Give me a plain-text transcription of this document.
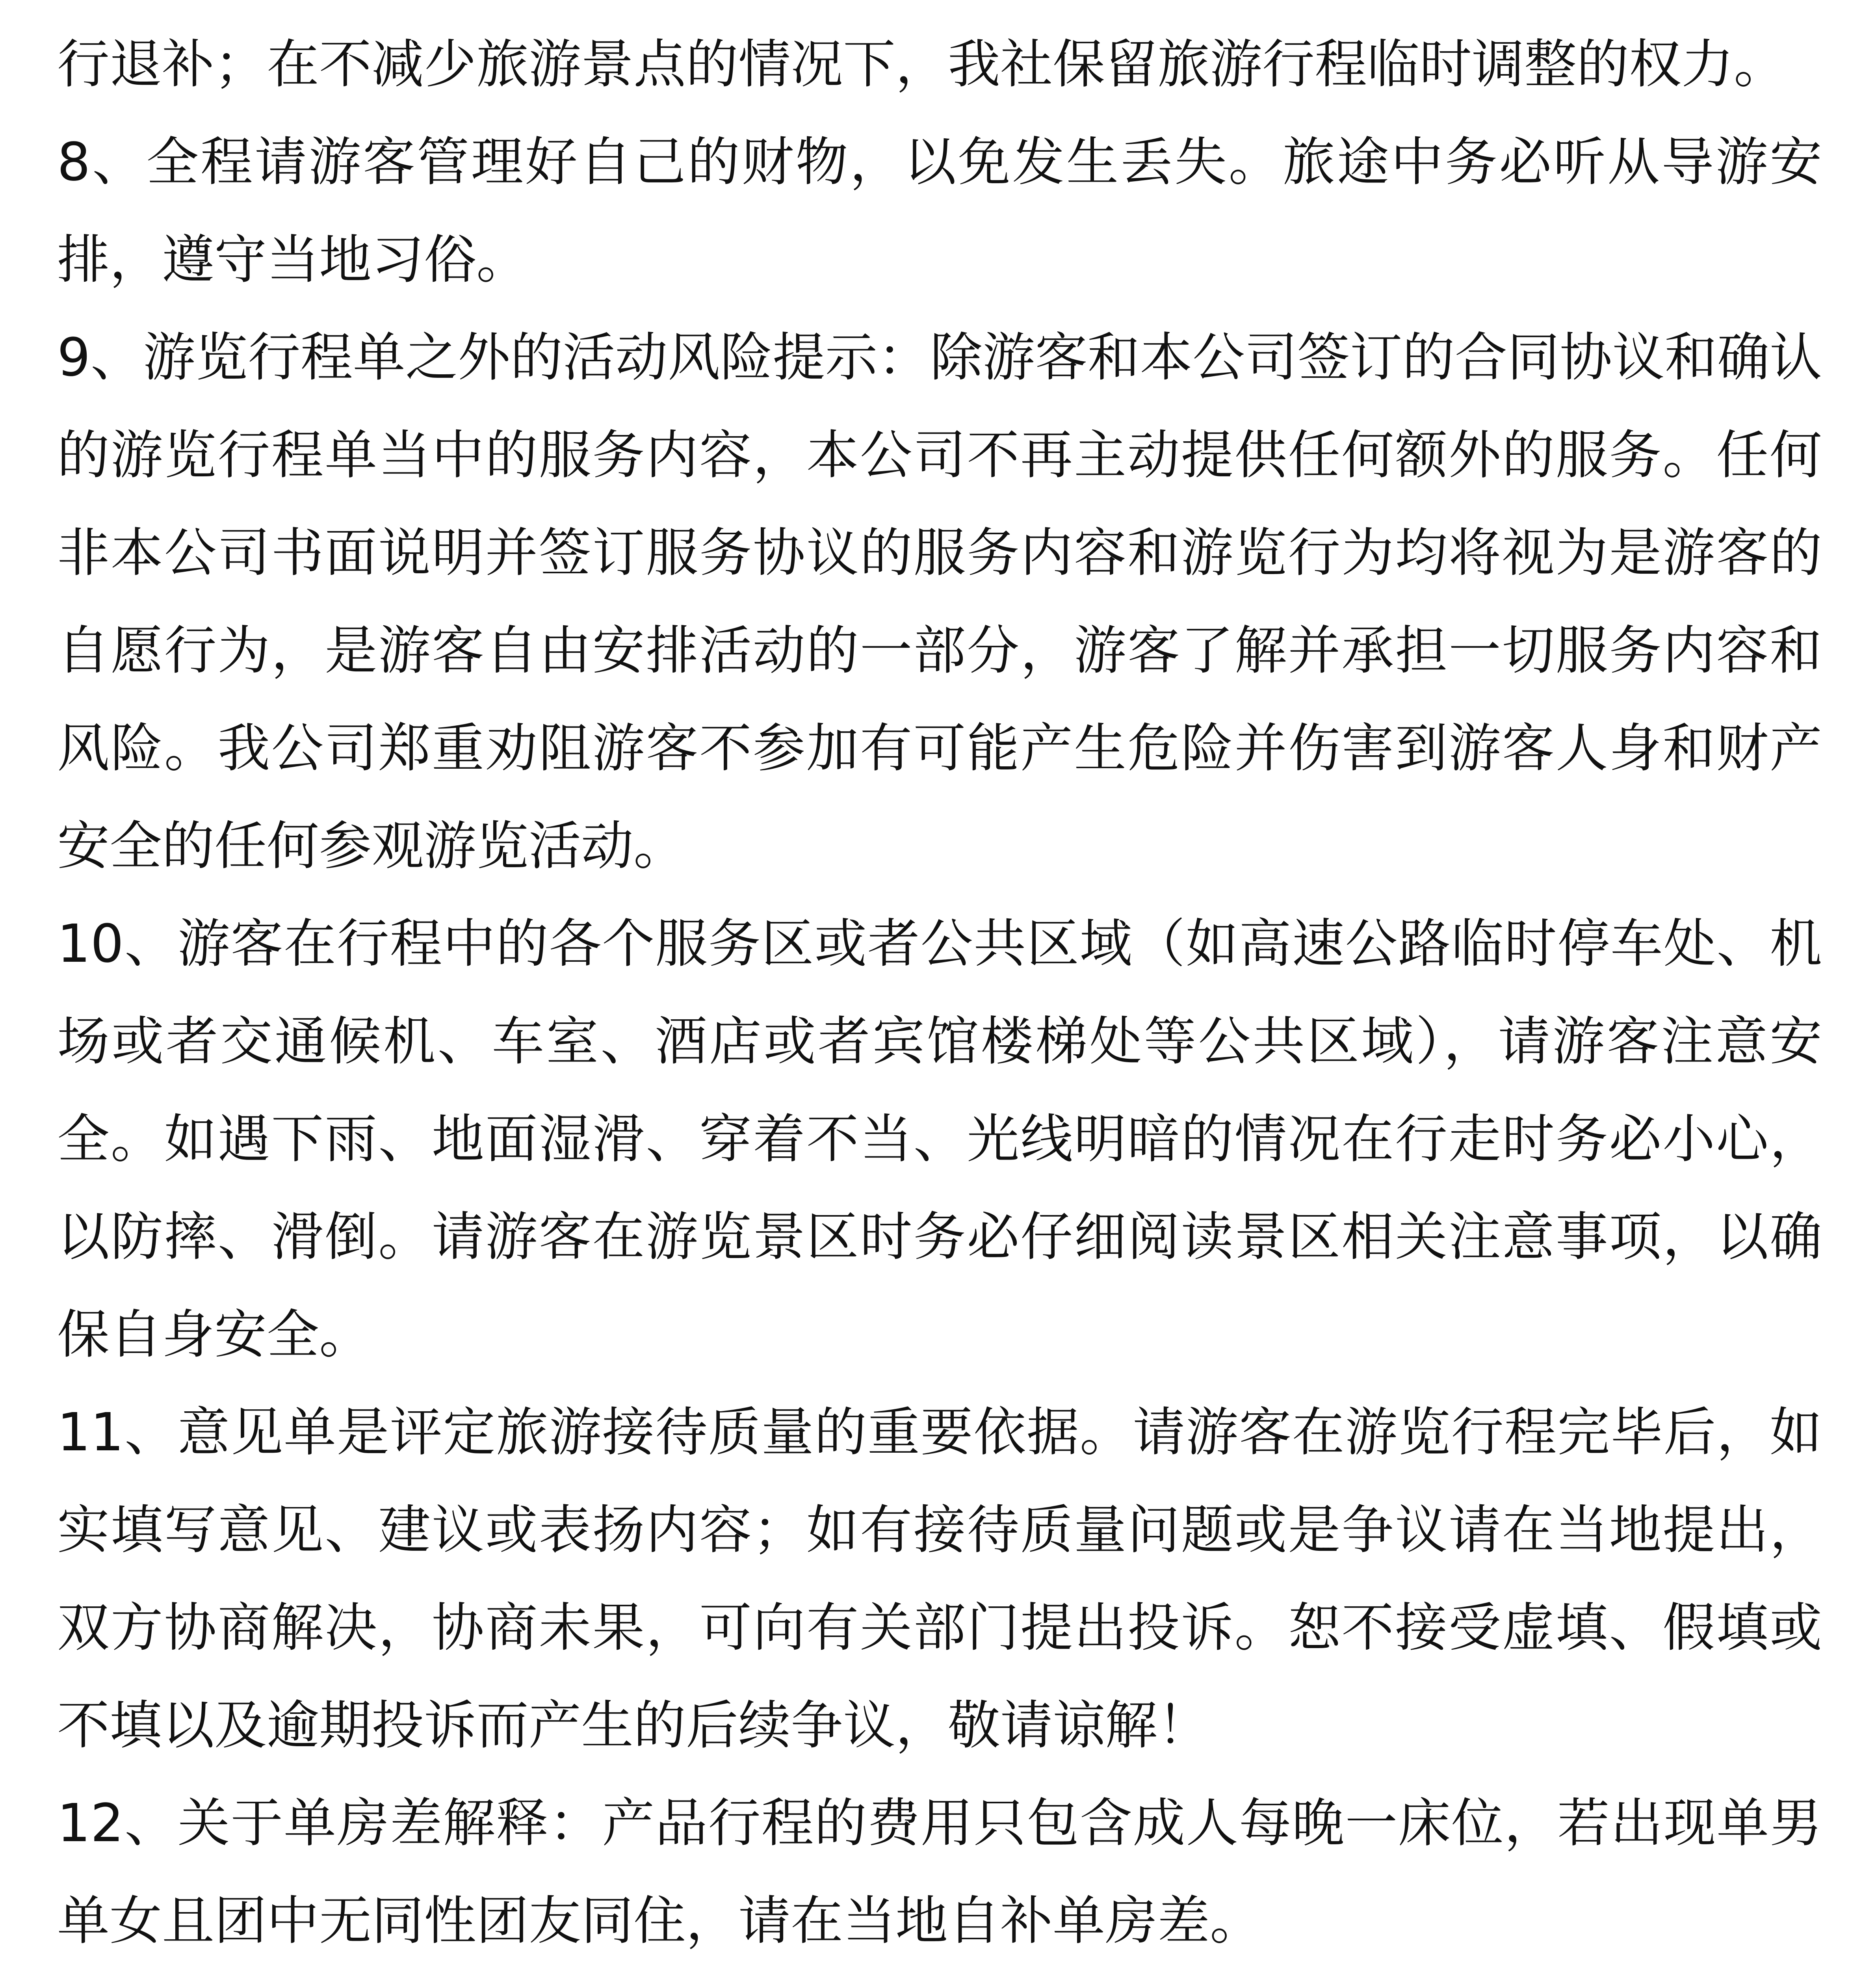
行退补；在不减少旅游景点的情况下，我社保留旅游行程临时调整的权力。

8、全程请游客管理好自己的财物，以免发生丢失。旅途中务必听从导游安排，遵守当地习俗。

9、游览行程单之外的活动风险提示：除游客和本公司签订的合同协议和确认的游览行程单当中的服务内容，本公司不再主动提供任何额外的服务。任何非本公司书面说明并签订服务协议的服务内容和游览行为均将视为是游客的自愿行为，是游客自由安排活动的一部分，游客了解并承担一切服务内容和风险。我公司郑重劝阻游客不参加有可能产生危险并伤害到游客人身和财产安全的任何参观游览活动。

10、游客在行程中的各个服务区或者公共区域（如高速公路临时停车处、机场或者交通候机、车室、酒店或者宾馆楼梯处等公共区域），请游客注意安全。如遇下雨、地面湿滑、穿着不当、光线明暗的情况在行走时务必小心，以防摔、滑倒。请游客在游览景区时务必仔细阅读景区相关注意事项，以确保自身安全。

11、意见单是评定旅游接待质量的重要依据。请游客在游览行程完毕后，如实填写意见、建议或表扬内容；如有接待质量问题或是争议请在当地提出，双方协商解决，协商未果，可向有关部门提出投诉。恕不接受虚填、假填或不填以及逾期投诉而产生的后续争议，敬请谅解！

12、关于单房差解释：产品行程的费用只包含成人每晚一床位，若出现单男单女且团中无同性团友同住，请在当地自补单房差。
